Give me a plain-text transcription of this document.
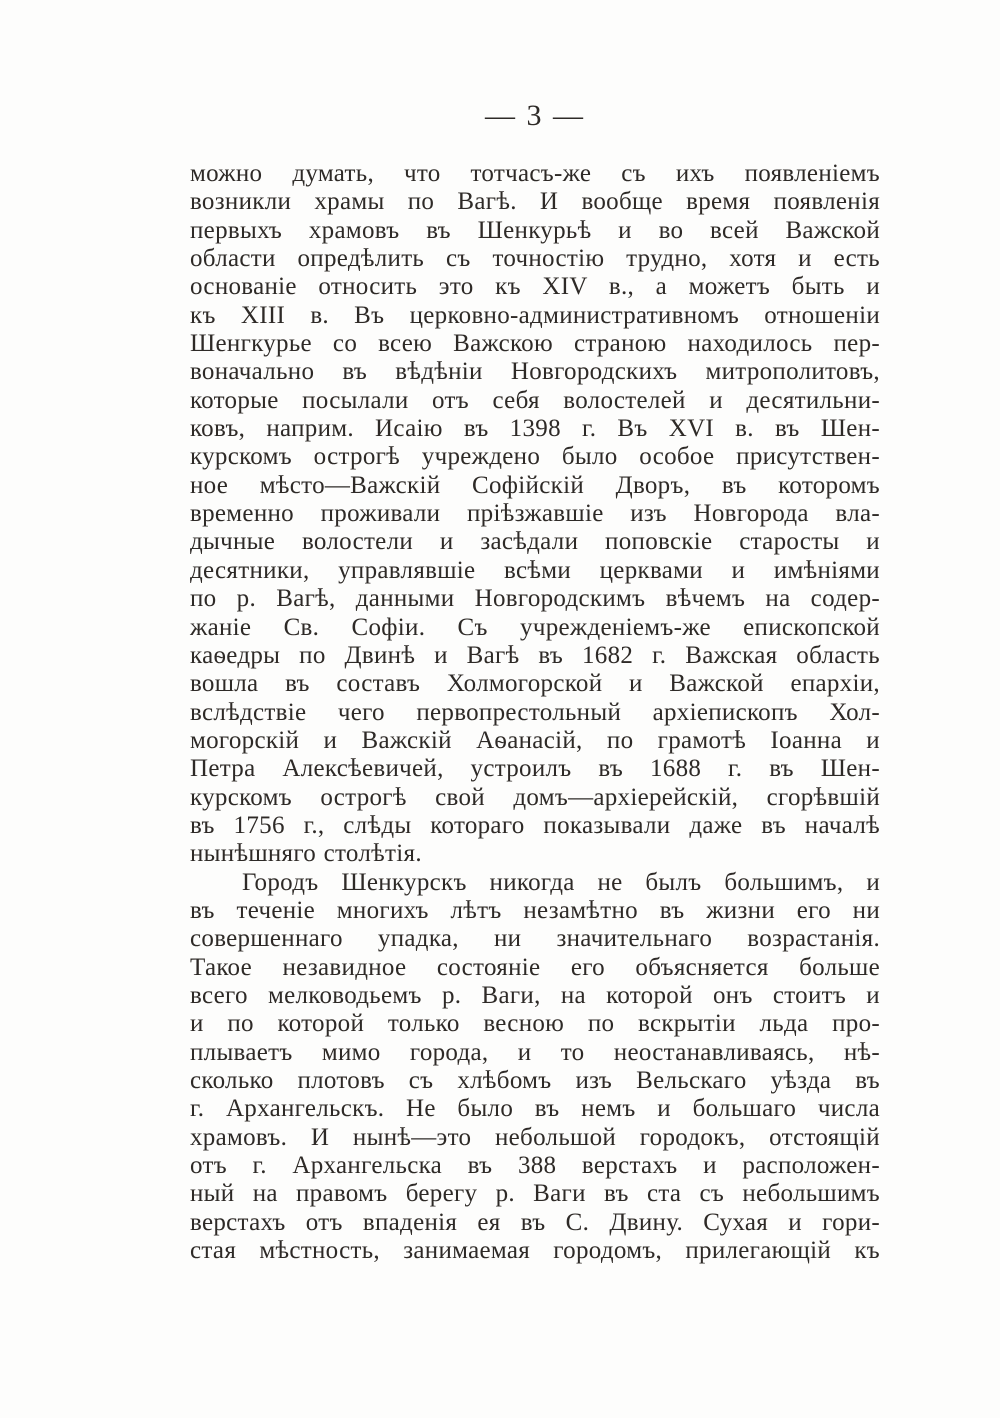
— 3 —
можно думать, что тотчасъ-же съ ихъ появленіемъ
возникли храмы по Вагѣ. И вообще время появленія
первыхъ храмовъ въ Шенкурьѣ и во всей Важской
области опредѣлить съ точностію трудно, хотя и есть
основаніе относить это къ XIV в., а можетъ быть и
къ XIII в. Въ церковно-административномъ отношеніи
Шенгкурье со всею Важскою страною находилось пер-
воначально въ вѣдѣніи Новгородскихъ митрополитовъ,
которые посылали отъ себя волостелей и десятильни-
ковъ, наприм. Исаію въ 1398 г. Въ XVI в. въ Шен-
курскомъ острогѣ учреждено было особое присутствен-
ное мѣсто—Важскій Софійскій Дворъ, въ которомъ
временно проживали пріѣзжавшіе изъ Новгорода вла-
дычные волостели и засѣдали поповскіе старосты и
десятники, управлявшіе всѣми церквами и имѣніями
по р. Вагѣ, данными Новгородскимъ вѣчемъ на содер-
жаніе Св. Софіи. Съ учрежденіемъ-же епископской
каѳедры по Двинѣ и Вагѣ въ 1682 г. Важская область
вошла въ составъ Холмогорской и Важской епархіи,
вслѣдствіе чего первопрестольный архіепископъ Хол-
могорскій и Важскій Аѳанасій, по грамотѣ Іоанна и
Петра Алексѣевичей, устроилъ въ 1688 г. въ Шен-
курскомъ острогѣ свой домъ—архіерейскій, сгорѣвшій
въ 1756 г., слѣды котораго показывали даже въ началѣ
нынѣшняго столѣтія.
Городъ Шенкурскъ никогда не былъ большимъ, и
въ теченіе многихъ лѣтъ незамѣтно въ жизни его ни
совершеннаго упадка, ни значительнаго возрастанія.
Такое незавидное состояніе его объясняется больше
всего мелководьемъ р. Ваги, на которой онъ стоитъ и
и по которой только весною по вскрытіи льда про-
плываетъ мимо города, и то неостанавливаясь, нѣ-
сколько плотовъ съ хлѣбомъ изъ Вельскаго уѣзда въ
г. Архангельскъ. Не было въ немъ и большаго числа
храмовъ. И нынѣ—это небольшой городокъ, отстоящій
отъ г. Архангельска въ 388 верстахъ и расположен-
ный на правомъ берегу р. Ваги въ ста съ небольшимъ
верстахъ отъ впаденія ея въ С. Двину. Сухая и гори-
стая мѣстность, занимаемая городомъ, прилегающій къ
